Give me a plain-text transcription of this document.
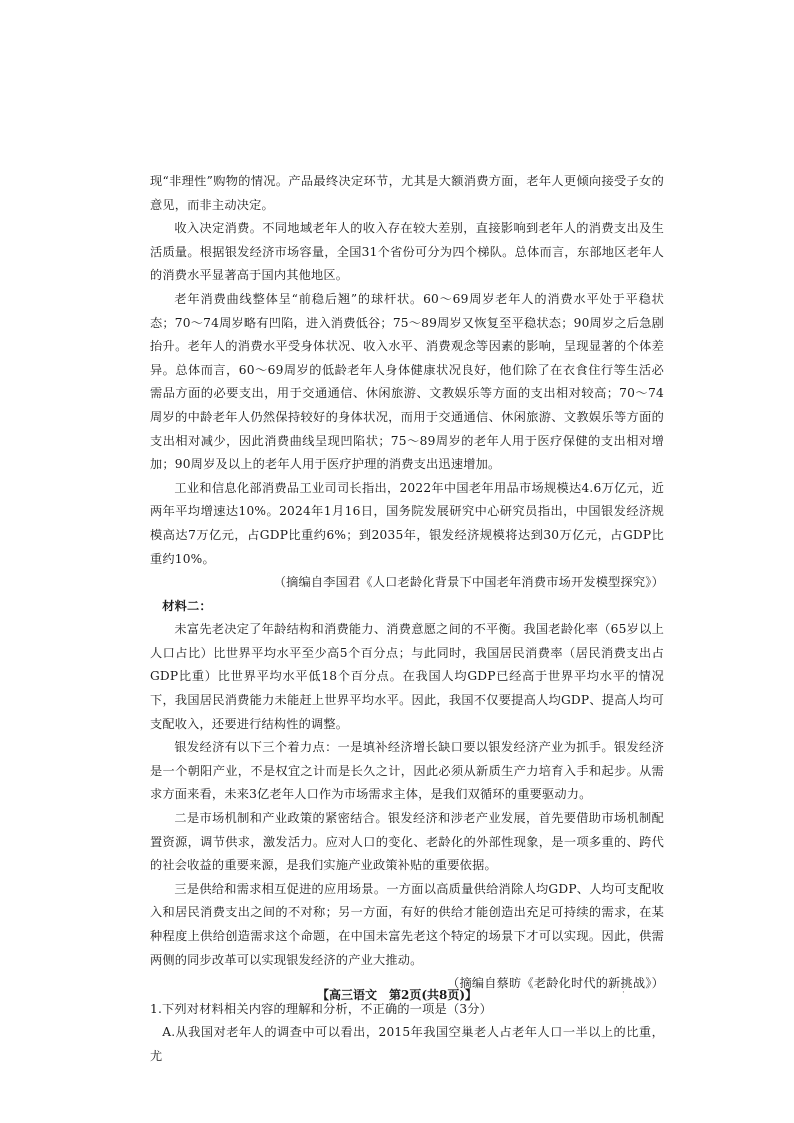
现“非理性”购物的情况。产品最终决定环节，尤其是大额消费方面，老年人更倾向接受子女的意见，而非主动决定。

收入决定消费。不同地域老年人的收入存在较大差别，直接影响到老年人的消费支出及生活质量。根据银发经济市场容量，全国31个省份可分为四个梯队。总体而言，东部地区老年人的消费水平显著高于国内其他地区。

老年消费曲线整体呈“前稳后翘”的球杆状。60～69周岁老年人的消费水平处于平稳状态；70～74周岁略有凹陷，进入消费低谷；75～89周岁又恢复至平稳状态；90周岁之后急剧抬升。老年人的消费水平受身体状况、收入水平、消费观念等因素的影响，呈现显著的个体差异。总体而言，60～69周岁的低龄老年人身体健康状况良好，他们除了在衣食住行等生活必需品方面的必要支出，用于交通通信、休闲旅游、文教娱乐等方面的支出相对较高；70～74周岁的中龄老年人仍然保持较好的身体状况，而用于交通通信、休闲旅游、文教娱乐等方面的支出相对减少，因此消费曲线呈现凹陷状；75～89周岁的老年人用于医疗保健的支出相对增加；90周岁及以上的老年人用于医疗护理的消费支出迅速增加。

工业和信息化部消费品工业司司长指出，2022年中国老年用品市场规模达4.6万亿元，近两年平均增速达10%。2024年1月16日，国务院发展研究中心研究员指出，中国银发经济规模高达7万亿元，占GDP比重约6%；到2035年，银发经济规模将达到30万亿元，占GDP比重约10%。

（摘编自李国君《人口老龄化背景下中国老年消费市场开发模型探究》）

材料二：

未富先老决定了年龄结构和消费能力、消费意愿之间的不平衡。我国老龄化率（65岁以上人口占比）比世界平均水平至少高5个百分点；与此同时，我国居民消费率（居民消费支出占GDP比重）比世界平均水平低18个百分点。在我国人均GDP已经高于世界平均水平的情况下，我国居民消费能力未能赶上世界平均水平。因此，我国不仅要提高人均GDP、提高人均可支配收入，还要进行结构性的调整。

银发经济有以下三个着力点：一是填补经济增长缺口要以银发经济产业为抓手。银发经济是一个朝阳产业，不是权宜之计而是长久之计，因此必须从新质生产力培育入手和起步。从需求方面来看，未来3亿老年人口作为市场需求主体，是我们双循环的重要驱动力。

二是市场机制和产业政策的紧密结合。银发经济和涉老产业发展，首先要借助市场机制配置资源，调节供求，激发活力。应对人口的变化、老龄化的外部性现象，是一项多重的、跨代的社会收益的重要来源，是我们实施产业政策补贴的重要依据。

三是供给和需求相互促进的应用场景。一方面以高质量供给消除人均GDP、人均可支配收入和居民消费支出之间的不对称；另一方面，有好的供给才能创造出充足可持续的需求，在某种程度上供给创造需求这个命题，在中国未富先老这个特定的场景下才可以实现。因此，供需两侧的同步改革可以实现银发经济的产业大推动。

（摘编自蔡昉《老龄化时代的新挑战》）

1.下列对材料相关内容的理解和分析，不正确的一项是（3分）

A.从我国对老年人的调查中可以看出，2015年我国空巢老人占老年人口一半以上的比重，尤

【高三语文　第2页(共8页)】	·
